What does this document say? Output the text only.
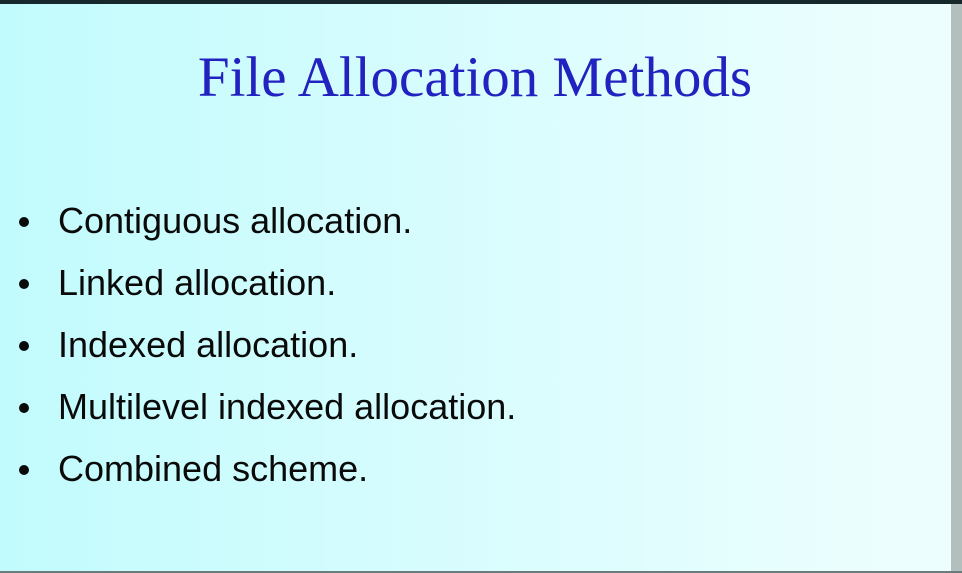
File Allocation Methods
Contiguous allocation.
Linked allocation.
Indexed allocation.
Multilevel indexed allocation.
Combined scheme.
